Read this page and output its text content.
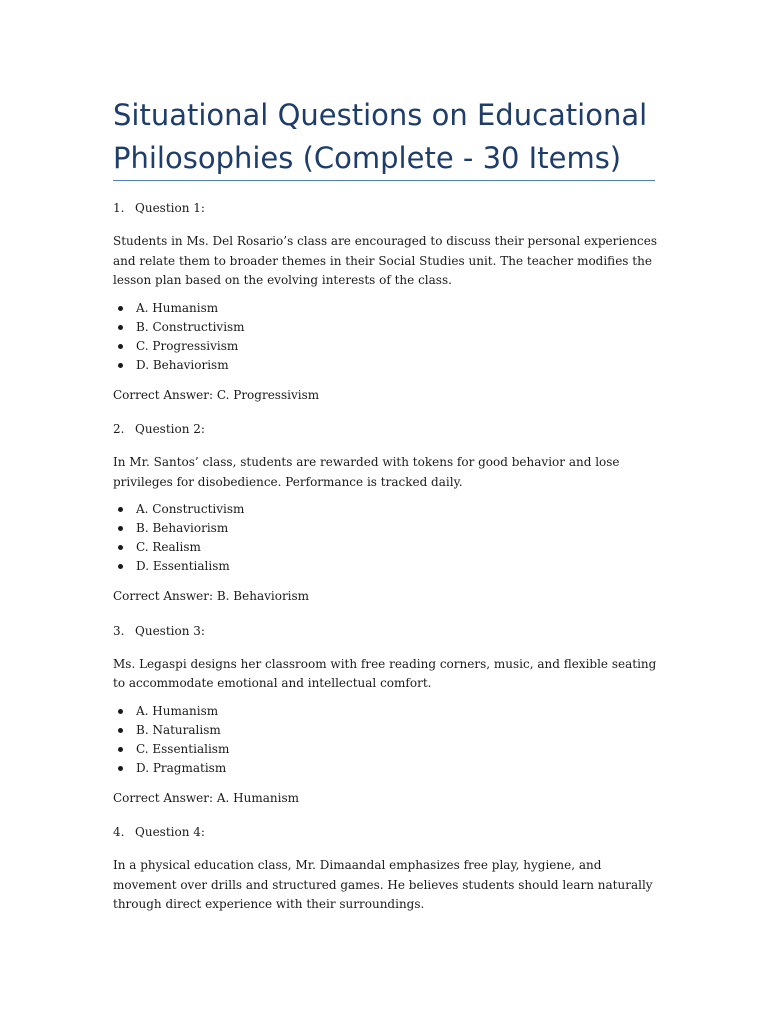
Situational Questions on Educational Philosophies (Complete - 30 Items)
1. Question 1:

Students in Ms. Del Rosario’s class are encouraged to discuss their personal experiences and relate them to broader themes in their Social Studies unit. The teacher modifies the lesson plan based on the evolving interests of the class.

A. Humanism
B. Constructivism
C. Progressivism
D. Behaviorism

Correct Answer: C. Progressivism

2. Question 2:

In Mr. Santos’ class, students are rewarded with tokens for good behavior and lose privileges for disobedience. Performance is tracked daily.

A. Constructivism
B. Behaviorism
C. Realism
D. Essentialism

Correct Answer: B. Behaviorism

3. Question 3:

Ms. Legaspi designs her classroom with free reading corners, music, and flexible seating to accommodate emotional and intellectual comfort.

A. Humanism
B. Naturalism
C. Essentialism
D. Pragmatism

Correct Answer: A. Humanism

4. Question 4:

In a physical education class, Mr. Dimaandal emphasizes free play, hygiene, and movement over drills and structured games. He believes students should learn naturally through direct experience with their surroundings.
